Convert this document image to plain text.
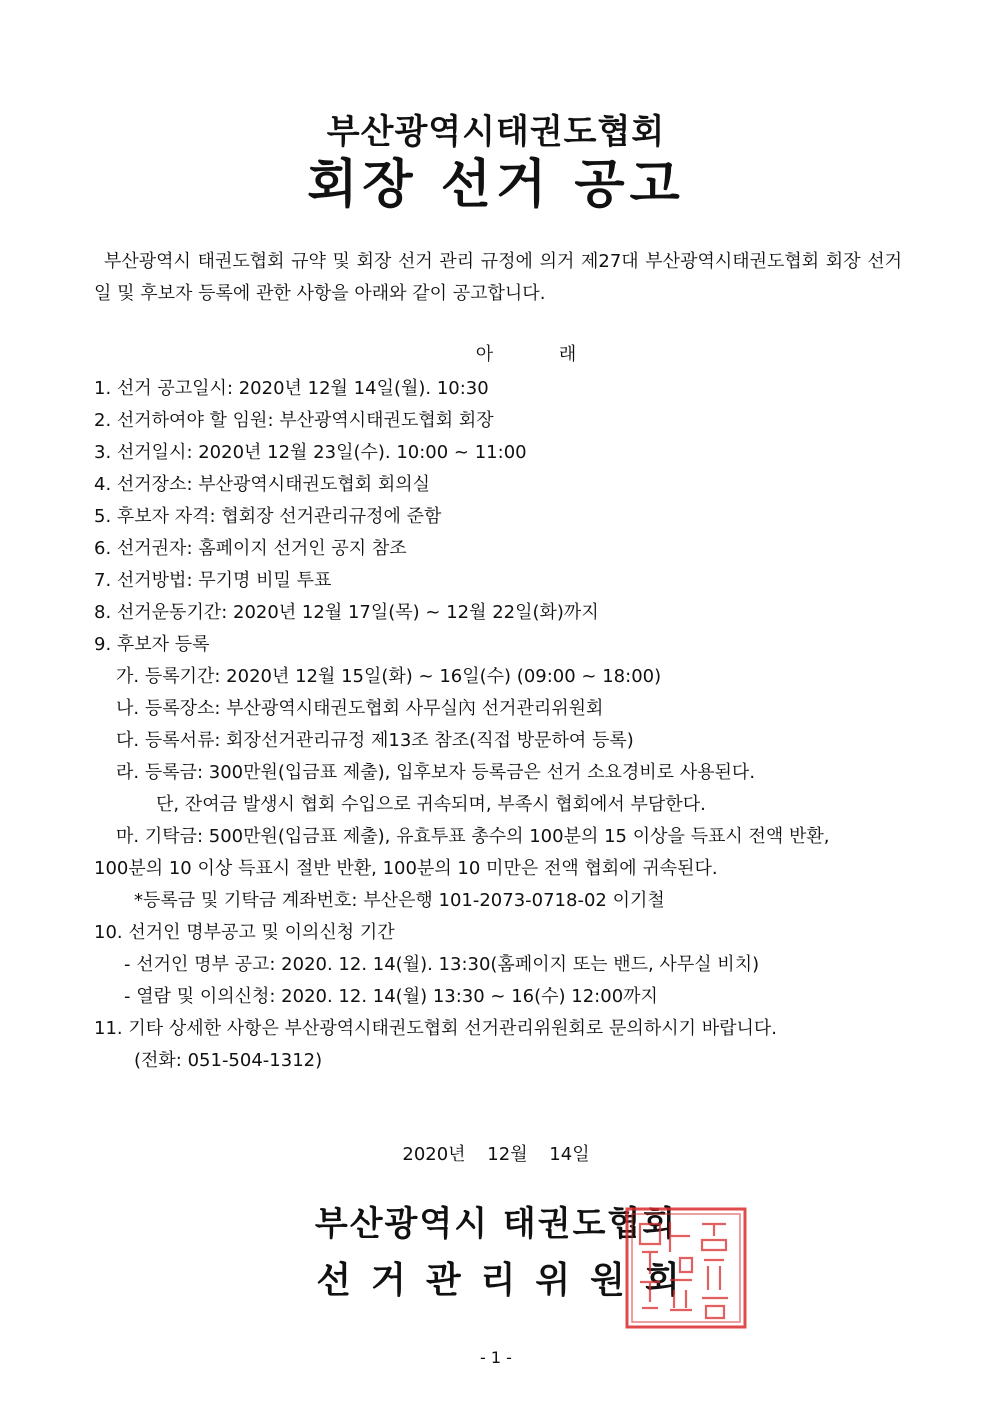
부산광역시태권도협회
회장 선거 공고
부산광역시 태권도협회 규약 및 회장 선거 관리 규정에 의거 제27대 부산광역시태권도협회 회장 선거일 및 후보자 등록에 관한 사항을 아래와 같이 공고합니다.
아 래
1. 선거 공고일시: 2020년 12월 14일(월). 10:30
2. 선거하여야 할 임원: 부산광역시태권도협회 회장
3. 선거일시: 2020년 12월 23일(수). 10:00 ~ 11:00
4. 선거장소: 부산광역시태권도협회 회의실
5. 후보자 자격: 협회장 선거관리규정에 준함
6. 선거권자: 홈페이지 선거인 공지 참조
7. 선거방법: 무기명 비밀 투표
8. 선거운동기간: 2020년 12월 17일(목) ~ 12월 22일(화)까지
9. 후보자 등록
가. 등록기간: 2020년 12월 15일(화) ~ 16일(수) (09:00 ~ 18:00)
나. 등록장소: 부산광역시태권도협회 사무실內 선거관리위원회
다. 등록서류: 회장선거관리규정 제13조 참조(직접 방문하여 등록)
라. 등록금: 300만원(입금표 제출), 입후보자 등록금은 선거 소요경비로 사용된다.
단, 잔여금 발생시 협회 수입으로 귀속되며, 부족시 협회에서 부담한다.
마. 기탁금: 500만원(입금표 제출), 유효투표 총수의 100분의 15 이상을 득표시 전액 반환,
100분의 10 이상 득표시 절반 반환, 100분의 10 미만은 전액 협회에 귀속된다.
*등록금 및 기탁금 계좌번호: 부산은행 101-2073-0718-02 이기철
10. 선거인 명부공고 및 이의신청 기간
- 선거인 명부 공고: 2020. 12. 14(월). 13:30(홈페이지 또는 밴드, 사무실 비치)
- 열람 및 이의신청: 2020. 12. 14(월) 13:30 ~ 16(수) 12:00까지
11. 기타 상세한 사항은 부산광역시태권도협회 선거관리위원회로 문의하시기 바랍니다.
(전화: 051-504-1312)
2020년 12월 14일
부산광역시 태권도협회
선거관리위원회
- 1 -
